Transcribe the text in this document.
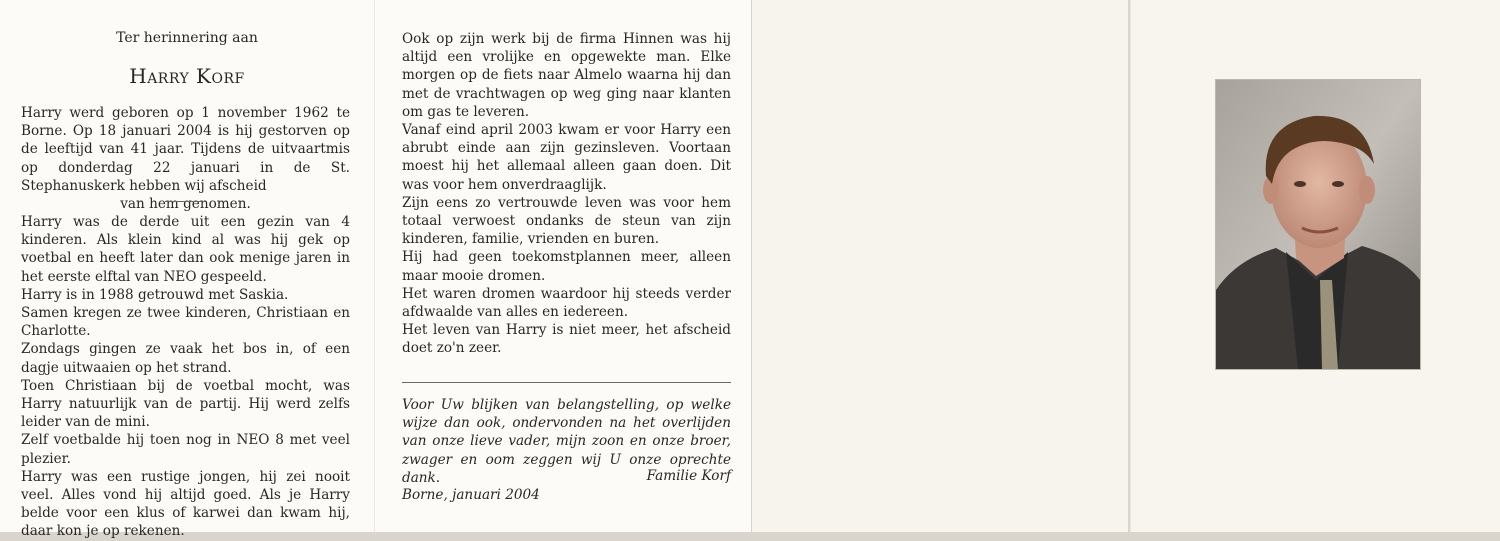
Ter herinnering aan
Harry Korf

Harry werd geboren op 1 november 1962 te Borne. Op 18 januari 2004 is hij gestorven op de leeftijd van 41 jaar. Tijdens de uitvaartmis op donderdag 22 januari in de St. Stephanuskerk hebben wij afscheid

van hem genomen.

Harry was de derde uit een gezin van 4 kinderen. Als klein kind al was hij gek op voetbal en heeft later dan ook menige jaren in het eerste elftal van NEO gespeeld.

Harry is in 1988 getrouwd met Saskia.

Samen kregen ze twee kinderen, Christiaan en Charlotte.

Zondags gingen ze vaak het bos in, of een dagje uitwaaien op het strand.

Toen Christiaan bij de voetbal mocht, was Harry natuurlijk van de partij. Hij werd zelfs leider van de mini.

Zelf voetbalde hij toen nog in NEO 8 met veel plezier.

Harry was een rustige jongen, hij zei nooit veel. Alles vond hij altijd goed. Als je Harry belde voor een klus of karwei dan kwam hij, daar kon je op rekenen.

Ook op zijn werk bij de firma Hinnen was hij altijd een vrolijke en opgewekte man. Elke morgen op de fiets naar Almelo waarna hij dan met de vrachtwagen op weg ging naar klanten om gas te leveren.

Vanaf eind april 2003 kwam er voor Harry een abrubt einde aan zijn gezinsleven. Voortaan moest hij het allemaal alleen gaan doen. Dit was voor hem onverdraaglijk.

Zijn eens zo vertrouwde leven was voor hem totaal verwoest ondanks de steun van zijn kinderen, familie, vrienden en buren.

Hij had geen toekomstplannen meer, alleen maar mooie dromen.

Het waren dromen waardoor hij steeds verder afdwaalde van alles en iedereen.

Het leven van Harry is niet meer, het afscheid doet zo'n zeer.

Voor Uw blijken van belangstelling, op welke wijze dan ook, ondervonden na het overlijden van onze lieve vader, mijn zoon en onze broer, zwager en oom zeggen wij U onze oprechte dank.	Familie Korf
Borne, januari 2004
